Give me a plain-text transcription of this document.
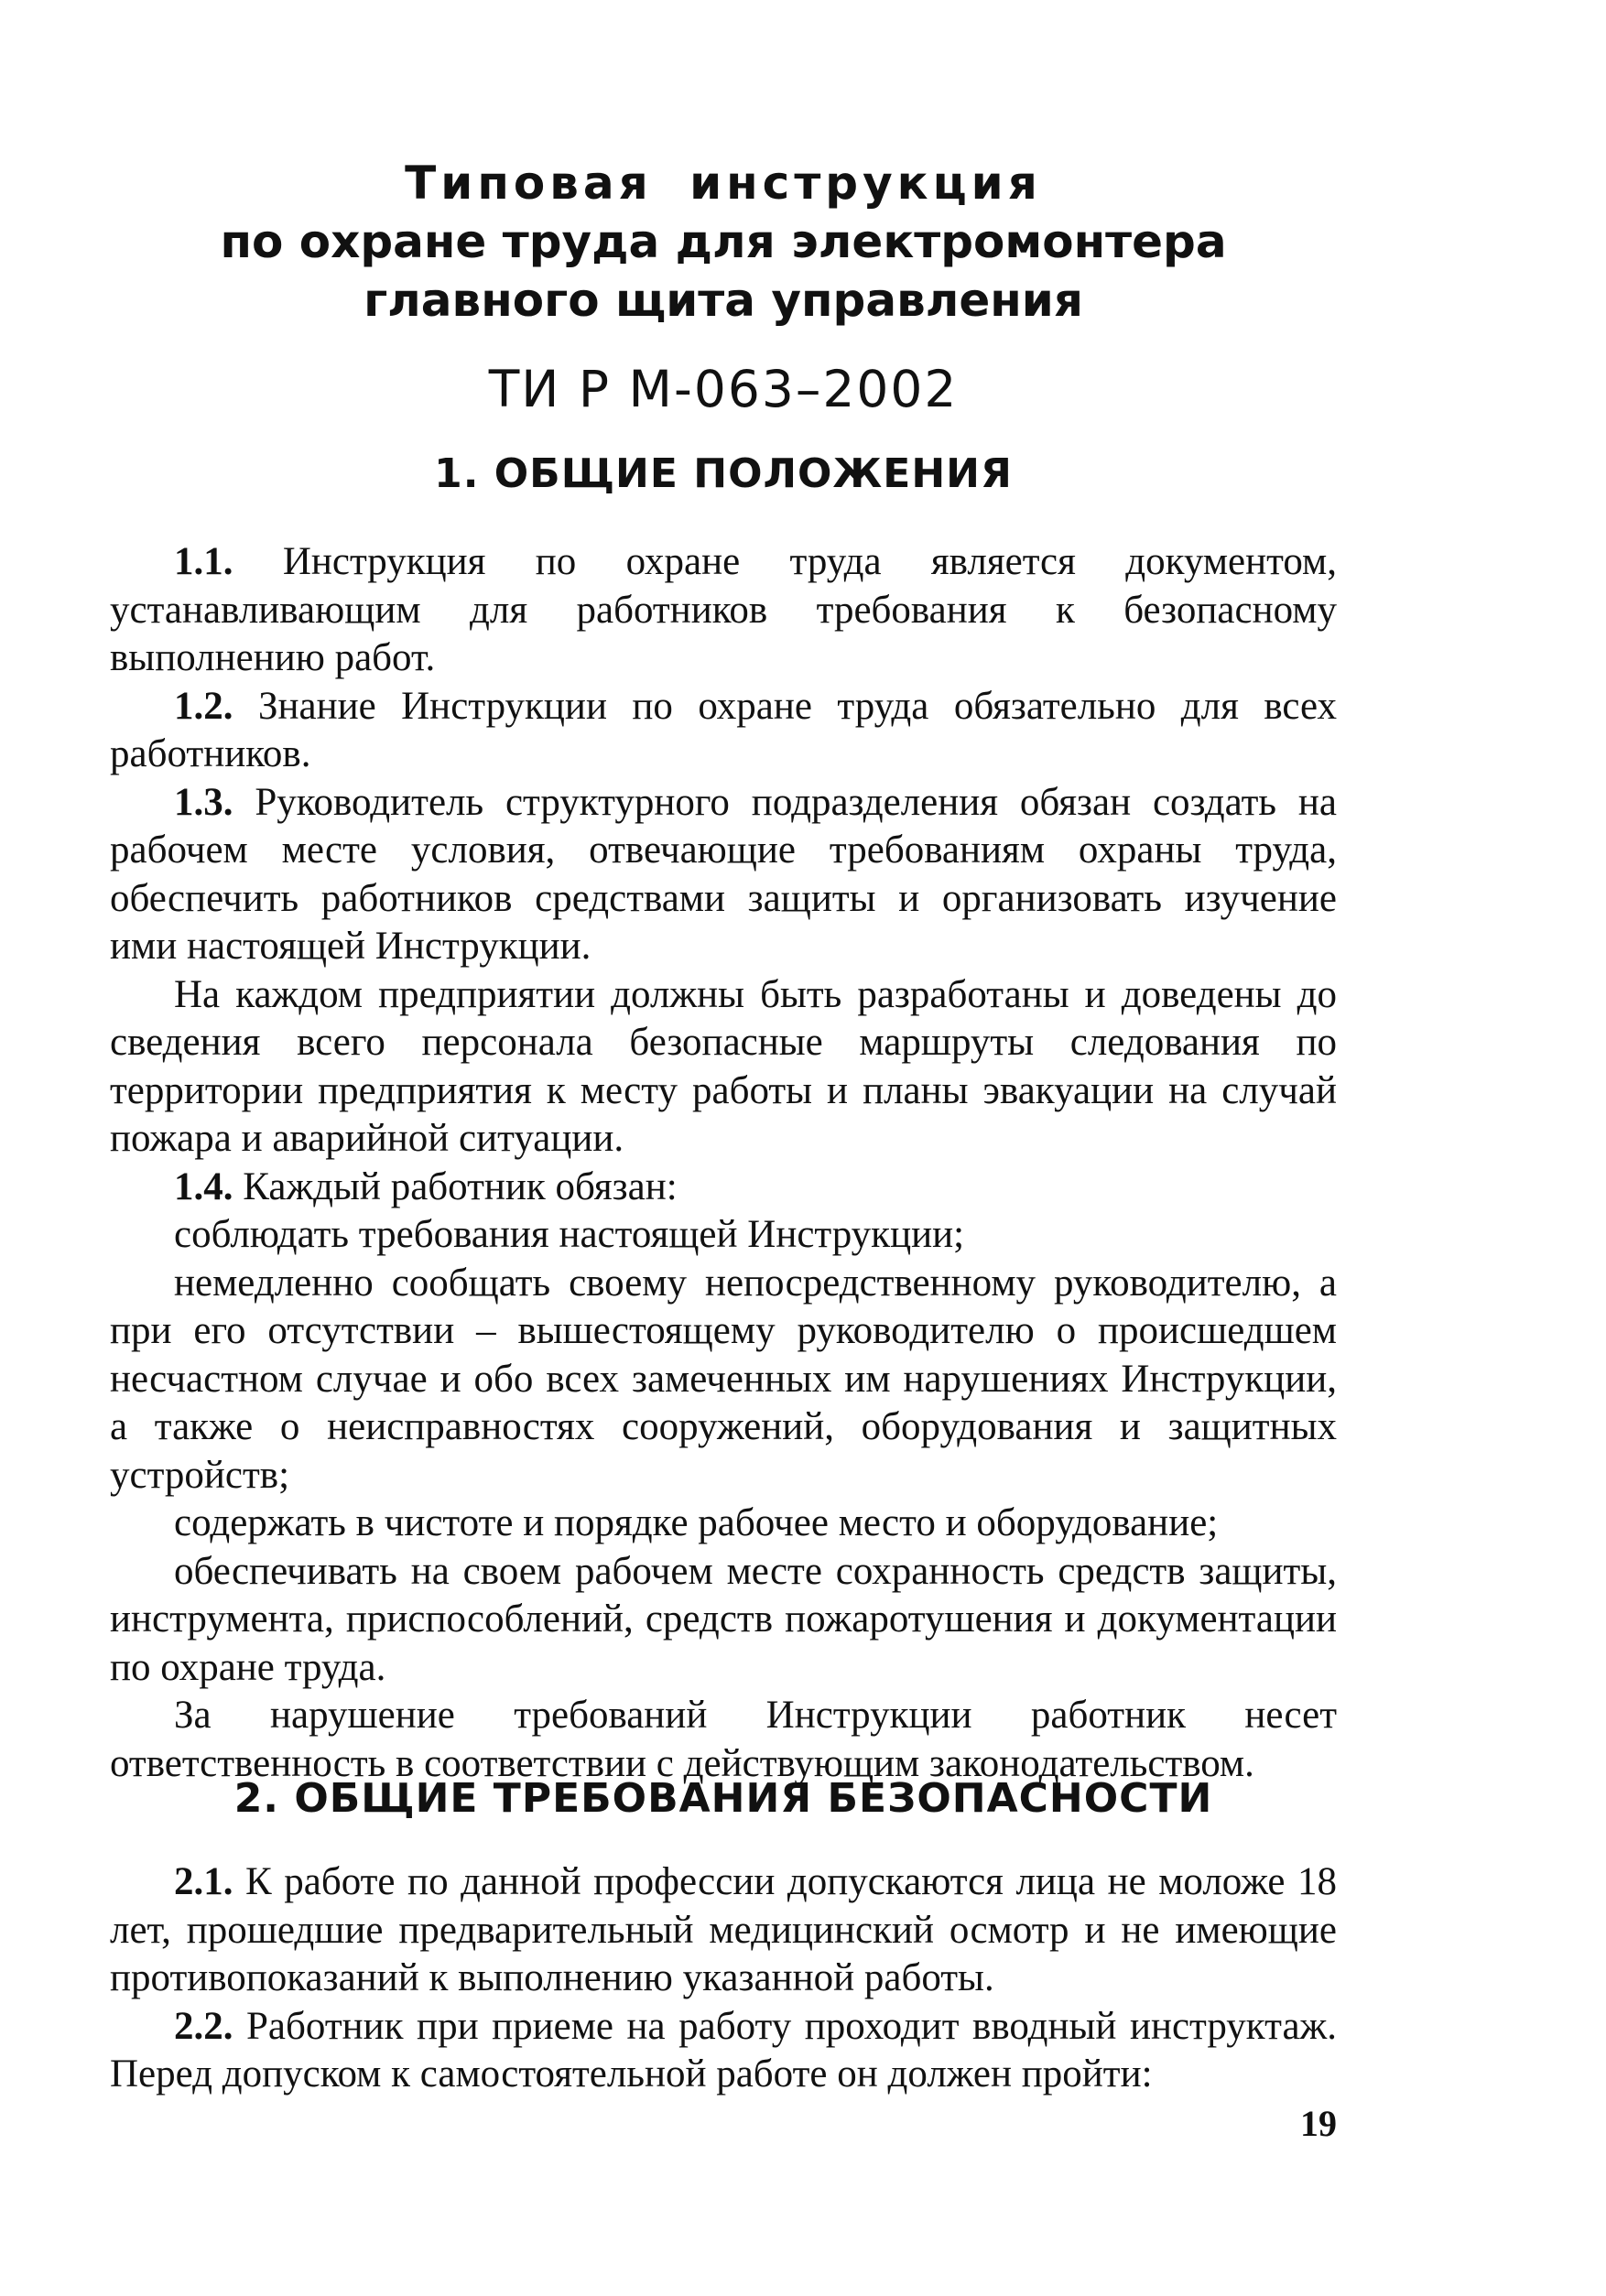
Типовая инструкция
по охране труда для электромонтера
главного щита управления
ТИ Р М-063–2002
1. ОБЩИЕ ПОЛОЖЕНИЯ

1.1. Инструкция по охране труда является документом, устанавливающим для работников требования к безопасному выполнению работ.

1.2. Знание Инструкции по охране труда обязательно для всех работников.

1.3. Руководитель структурного подразделения обязан создать на рабочем месте условия, отвечающие требованиям охраны труда, обеспечить работников средствами защиты и организовать изучение ими настоящей Инструкции.

На каждом предприятии должны быть разработаны и доведены до сведения всего персонала безопасные маршруты следования по территории предприятия к месту работы и планы эвакуации на случай пожара и аварийной ситуации.

1.4. Каждый работник обязан:

соблюдать требования настоящей Инструкции;

немедленно сообщать своему непосредственному руководителю, а при его отсутствии – вышестоящему руководителю о происшедшем несчастном случае и обо всех замеченных им нарушениях Инструкции, а также о неисправностях сооружений, оборудования и защитных устройств;

содержать в чистоте и порядке рабочее место и оборудование;

обеспечивать на своем рабочем месте сохранность средств защиты, инструмента, приспособлений, средств пожаротушения и документации по охране труда.

За нарушение требований Инструкции работник несет ответственность в соответствии с действующим законодательством.

2. ОБЩИЕ ТРЕБОВАНИЯ БЕЗОПАСНОСТИ

2.1. К работе по данной профессии допускаются лица не моложе 18 лет, прошедшие предварительный медицинский осмотр и не имеющие противопоказаний к выполнению указанной работы.

2.2. Работник при приеме на работу проходит вводный инструктаж. Перед допуском к самостоятельной работе он должен пройти:

19
